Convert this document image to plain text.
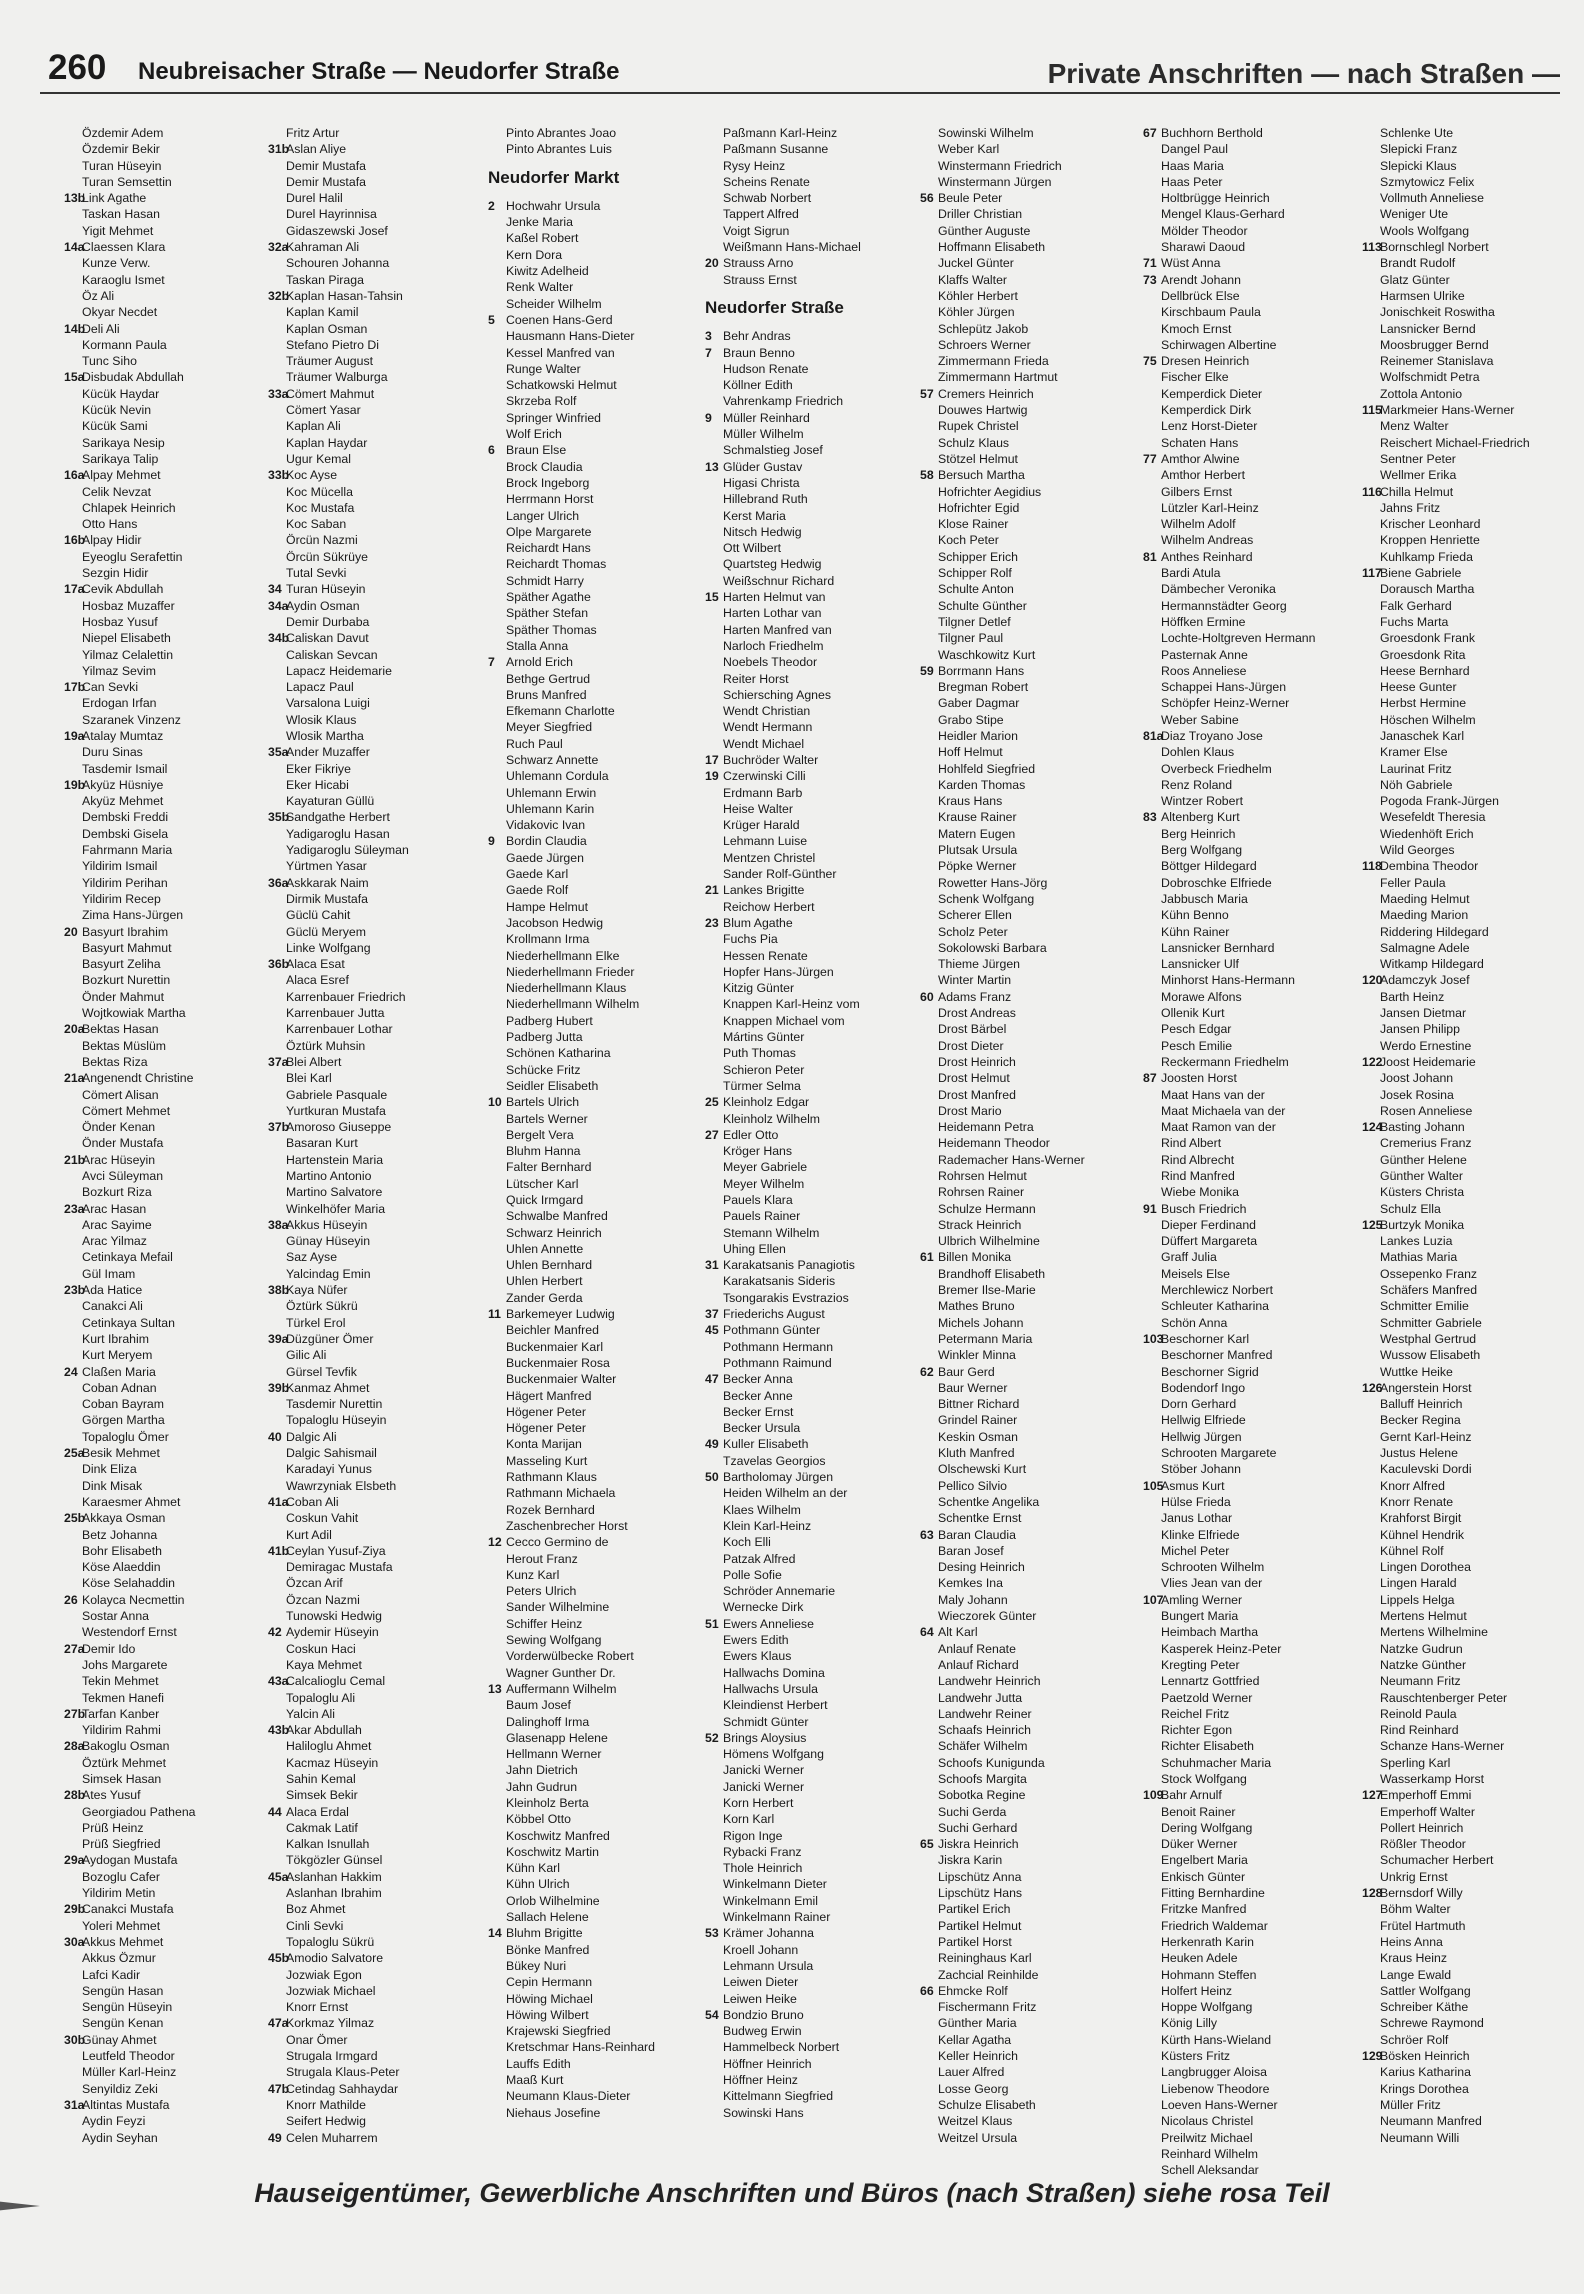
260 Neubreisacher Straße — Neudorfer Straße	Private Anschriften — nach Straßen —
Özdemir Adem
Özdemir Bekir
Turan Hüseyin
Turan Semsettin
13bLink Agathe
Taskan Hasan
Yigit Mehmet
14aClaessen Klara
Kunze Verw.
Karaoglu Ismet
Öz Ali
Okyar Necdet
14bDeli Ali
Kormann Paula
Tunc Siho
15aDisbudak Abdullah
Kücük Haydar
Kücük Nevin
Kücük Sami
Sarikaya Nesip
Sarikaya Talip
16aAlpay Mehmet
Celik Nevzat
Chlapek Heinrich
Otto Hans
16bAlpay Hidir
Eyeoglu Serafettin
Sezgin Hidir
17aCevik Abdullah
Hosbaz Muzaffer
Hosbaz Yusuf
Niepel Elisabeth
Yilmaz Celalettin
Yilmaz Sevim
17bCan Sevki
Erdogan Irfan
Szaranek Vinzenz
19aAtalay Mumtaz
Duru Sinas
Tasdemir Ismail
19bAkyüz Hüsniye
Akyüz Mehmet
Dembski Freddi
Dembski Gisela
Fahrmann Maria
Yildirim Ismail
Yildirim Perihan
Yildirim Recep
Zima Hans-Jürgen
20 Basyurt Ibrahim
Basyurt Mahmut
Basyurt Zeliha
Bozkurt Nurettin
Önder Mahmut
Wojtkowiak Martha
20aBektas Hasan
Bektas Müslüm
Bektas Riza
21aAngenendt Christine
Cömert Alisan
Cömert Mehmet
Önder Kenan
Önder Mustafa
21bArac Hüseyin
Avci Süleyman
Bozkurt Riza
23aArac Hasan
Arac Sayime
Arac Yilmaz
Cetinkaya Mefail
Gül Imam
23bAda Hatice
Canakci Ali
Cetinkaya Sultan
Kurt Ibrahim
Kurt Meryem
24 Claßen Maria
Coban Adnan
Coban Bayram
Görgen Martha
Topaloglu Ömer
25aBesik Mehmet
Dink Eliza
Dink Misak
Karaesmer Ahmet
25bAkkaya Osman
Betz Johanna
Bohr Elisabeth
Köse Alaeddin
Köse Selahaddin
26 Kolayca Necmettin
Sostar Anna
Westendorf Ernst
27aDemir Ido
Johs Margarete
Tekin Mehmet
Tekmen Hanefi
27bTarfan Kanber
Yildirim Rahmi
28aBakoglu Osman
Öztürk Mehmet
Simsek Hasan
28bAtes Yusuf
Georgiadou Pathena
Prüß Heinz
Prüß Siegfried
29aAydogan Mustafa
Bozoglu Cafer
Yildirim Metin
29bCanakci Mustafa
Yoleri Mehmet
30aAkkus Mehmet
Akkus Özmur
Lafci Kadir
Sengün Hasan
Sengün Hüseyin
Sengün Kenan
30bGünay Ahmet
Leutfeld Theodor
Müller Karl-Heinz
Senyildiz Zeki
31aAltintas Mustafa
Aydin Feyzi
Aydin Seyhan
Fritz Artur
31bAslan Aliye
Demir Mustafa
Demir Mustafa
Durel Halil
Durel Hayrinnisa
Gidaszewski Josef
32aKahraman Ali
Schouren Johanna
Taskan Piraga
32bKaplan Hasan-Tahsin
Kaplan Kamil
Kaplan Osman
Stefano Pietro Di
Träumer August
Träumer Walburga
33aCömert Mahmut
Cömert Yasar
Kaplan Ali
Kaplan Haydar
Ugur Kemal
33bKoc Ayse
Koc Mücella
Koc Mustafa
Koc Saban
Örcün Nazmi
Örcün Sükrüye
Tutal Sevki
34 Turan Hüseyin
34aAydin Osman
Demir Durbaba
34bCaliskan Davut
Caliskan Sevcan
Lapacz Heidemarie
Lapacz Paul
Varsalona Luigi
Wlosik Klaus
Wlosik Martha
35aAnder Muzaffer
Eker Fikriye
Eker Hicabi
Kayaturan Güllü
35bSandgathe Herbert
Yadigaroglu Hasan
Yadigaroglu Süleyman
Yürtmen Yasar
36aAskkarak Naim
Dirmik Mustafa
Güclü Cahit
Güclü Meryem
Linke Wolfgang
36bAlaca Esat
Alaca Esref
Karrenbauer Friedrich
Karrenbauer Jutta
Karrenbauer Lothar
Öztürk Muhsin
37aBlei Albert
Blei Karl
Gabriele Pasquale
Yurtkuran Mustafa
37bAmoroso Giuseppe
Basaran Kurt
Hartenstein Maria
Martino Antonio
Martino Salvatore
Winkelhöfer Maria
38aAkkus Hüseyin
Günay Hüseyin
Saz Ayse
Yalcindag Emin
38bKaya Nüfer
Öztürk Sükrü
Türkel Erol
39aDüzgüner Ömer
Gilic Ali
Gürsel Tevfik
39bKanmaz Ahmet
Tasdemir Nurettin
Topaloglu Hüseyin
40 Dalgic Ali
Dalgic Sahismail
Karadayi Yunus
Wawrzyniak Elsbeth
41aCoban Ali
Coskun Vahit
Kurt Adil
41bCeylan Yusuf-Ziya
Demiragac Mustafa
Özcan Arif
Özcan Nazmi
Tunowski Hedwig
42 Aydemir Hüseyin
Coskun Haci
Kaya Mehmet
43aCalcalioglu Cemal
Topaloglu Ali
Yalcin Ali
43bAkar Abdullah
Haliloglu Ahmet
Kacmaz Hüseyin
Sahin Kemal
Simsek Bekir
44 Alaca Erdal
Cakmak Latif
Kalkan Isnullah
Tökgözler Günsel
45aAslanhan Hakkim
Aslanhan Ibrahim
Boz Ahmet
Cinli Sevki
Topaloglu Sükrü
45bAmodio Salvatore
Jozwiak Egon
Jozwiak Michael
Knorr Ernst
47aKorkmaz Yilmaz
Onar Ömer
Strugala Irmgard
Strugala Klaus-Peter
47bCetindag Sahhaydar
Knorr Mathilde
Seifert Hedwig
49 Celen Muharrem
Pinto Abrantes Joao
Pinto Abrantes Luis
Neudorfer Markt
2 Hochwahr Ursula
Jenke Maria
Kaßel Robert
Kern Dora
Kiwitz Adelheid
Renk Walter
Scheider Wilhelm
5 Coenen Hans-Gerd
Hausmann Hans-Dieter
Kessel Manfred van
Runge Walter
Schatkowski Helmut
Skrzeba Rolf
Springer Winfried
Wolf Erich
6 Braun Else
Brock Claudia
Brock Ingeborg
Herrmann Horst
Langer Ulrich
Olpe Margarete
Reichardt Hans
Reichardt Thomas
Schmidt Harry
Späther Agathe
Späther Stefan
Späther Thomas
Stalla Anna
7 Arnold Erich
Bethge Gertrud
Bruns Manfred
Efkemann Charlotte
Meyer Siegfried
Ruch Paul
Schwarz Annette
Uhlemann Cordula
Uhlemann Erwin
Uhlemann Karin
Vidakovic Ivan
9 Bordin Claudia
Gaede Jürgen
Gaede Karl
Gaede Rolf
Hampe Helmut
Jacobson Hedwig
Krollmann Irma
Niederhellmann Elke
Niederhellmann Frieder
Niederhellmann Klaus
Niederhellmann Wilhelm
Padberg Hubert
Padberg Jutta
Schönen Katharina
Schücke Fritz
Seidler Elisabeth
10 Bartels Ulrich
Bartels Werner
Bergelt Vera
Bluhm Hanna
Falter Bernhard
Lütscher Karl
Quick Irmgard
Schwalbe Manfred
Schwarz Heinrich
Uhlen Annette
Uhlen Bernhard
Uhlen Herbert
Zander Gerda
11 Barkemeyer Ludwig
Beichler Manfred
Buckenmaier Karl
Buckenmaier Rosa
Buckenmaier Walter
Hägert Manfred
Högener Peter
Högener Peter
Konta Marijan
Masseling Kurt
Rathmann Klaus
Rathmann Michaela
Rozek Bernhard
Zaschenbrecher Horst
12 Cecco Germino de
Herout Franz
Kunz Karl
Peters Ulrich
Sander Wilhelmine
Schiffer Heinz
Sewing Wolfgang
Vorderwülbecke Robert
Wagner Gunther Dr.
13 Auffermann Wilhelm
Baum Josef
Dalinghoff Irma
Glasenapp Helene
Hellmann Werner
Jahn Dietrich
Jahn Gudrun
Kleinholz Berta
Köbbel Otto
Koschwitz Manfred
Koschwitz Martin
Kühn Karl
Kühn Ulrich
Orlob Wilhelmine
Sallach Helene
14 Bluhm Brigitte
Bönke Manfred
Bükey Nuri
Cepin Hermann
Höwing Michael
Höwing Wilbert
Krajewski Siegfried
Kretschmar Hans-Reinhard
Lauffs Edith
Maaß Kurt
Neumann Klaus-Dieter
Niehaus Josefine
Paßmann Karl-Heinz
Paßmann Susanne
Rysy Heinz
Scheins Renate
Schwab Norbert
Tappert Alfred
Voigt Sigrun
Weißmann Hans-Michael
20 Strauss Arno
Strauss Ernst
Neudorfer Straße
3 Behr Andras
7 Braun Benno
Hudson Renate
Köllner Edith
Vahrenkamp Friedrich
9 Müller Reinhard
Müller Wilhelm
Schmalstieg Josef
13 Glüder Gustav
Higasi Christa
Hillebrand Ruth
Kerst Maria
Nitsch Hedwig
Ott Wilbert
Quartsteg Hedwig
Weißschnur Richard
15 Harten Helmut van
Harten Lothar van
Harten Manfred van
Narloch Friedhelm
Noebels Theodor
Reiter Horst
Schiersching Agnes
Wendt Christian
Wendt Hermann
Wendt Michael
17 Buchröder Walter
19 Czerwinski Cilli
Erdmann Barb
Heise Walter
Krüger Harald
Lehmann Luise
Mentzen Christel
Sander Rolf-Günther
21 Lankes Brigitte
Reichow Herbert
23 Blum Agathe
Fuchs Pia
Hessen Renate
Hopfer Hans-Jürgen
Kitzig Günter
Knappen Karl-Heinz vom
Knappen Michael vom
Mártins Günter
Puth Thomas
Schieron Peter
Türmer Selma
25 Kleinholz Edgar
Kleinholz Wilhelm
27 Edler Otto
Kröger Hans
Meyer Gabriele
Meyer Wilhelm
Pauels Klara
Pauels Rainer
Stemann Wilhelm
Uhing Ellen
31 Karakatsanis Panagiotis
Karakatsanis Sideris
Tsongarakis Evstrazios
37 Friederichs August
45 Pothmann Günter
Pothmann Hermann
Pothmann Raimund
47 Becker Anna
Becker Anne
Becker Ernst
Becker Ursula
49 Kuller Elisabeth
Tzavelas Georgios
50 Bartholomay Jürgen
Heiden Wilhelm an der
Klaes Wilhelm
Klein Karl-Heinz
Koch Elli
Patzak Alfred
Polle Sofie
Schröder Annemarie
Wernecke Dirk
51 Ewers Anneliese
Ewers Edith
Ewers Klaus
Hallwachs Domina
Hallwachs Ursula
Kleindienst Herbert
Schmidt Günter
52 Brings Aloysius
Hömens Wolfgang
Janicki Werner
Janicki Werner
Korn Herbert
Korn Karl
Rigon Inge
Rybacki Franz
Thole Heinrich
Winkelmann Dieter
Winkelmann Emil
Winkelmann Rainer
53 Krämer Johanna
Kroell Johann
Lehmann Ursula
Leiwen Dieter
Leiwen Heike
54 Bondzio Bruno
Budweg Erwin
Hammelbeck Norbert
Höffner Heinrich
Höffner Heinz
Kittelmann Siegfried
Sowinski Hans
Sowinski Wilhelm
Weber Karl
Winstermann Friedrich
Winstermann Jürgen
56 Beule Peter
Driller Christian
Günther Auguste
Hoffmann Elisabeth
Juckel Günter
Klaffs Walter
Köhler Herbert
Köhler Jürgen
Schlepütz Jakob
Schroers Werner
Zimmermann Frieda
Zimmermann Hartmut
57 Cremers Heinrich
Douwes Hartwig
Rupek Christel
Schulz Klaus
Stötzel Helmut
58 Bersuch Martha
Hofrichter Aegidius
Hofrichter Egid
Klose Rainer
Koch Peter
Schipper Erich
Schipper Rolf
Schulte Anton
Schulte Günther
Tilgner Detlef
Tilgner Paul
Waschkowitz Kurt
59 Borrmann Hans
Bregman Robert
Gaber Dagmar
Grabo Stipe
Heidler Marion
Hoff Helmut
Hohlfeld Siegfried
Karden Thomas
Kraus Hans
Krause Rainer
Matern Eugen
Plutsak Ursula
Pöpke Werner
Rowetter Hans-Jörg
Schenk Wolfgang
Scherer Ellen
Scholz Peter
Sokolowski Barbara
Thieme Jürgen
Winter Martin
60 Adams Franz
Drost Andreas
Drost Bärbel
Drost Dieter
Drost Heinrich
Drost Helmut
Drost Manfred
Drost Mario
Heidemann Petra
Heidemann Theodor
Rademacher Hans-Werner
Rohrsen Helmut
Rohrsen Rainer
Schulze Hermann
Strack Heinrich
Ulbrich Wilhelmine
61 Billen Monika
Brandhoff Elisabeth
Bremer Ilse-Marie
Mathes Bruno
Michels Johann
Petermann Maria
Winkler Minna
62 Baur Gerd
Baur Werner
Bittner Richard
Grindel Rainer
Keskin Osman
Kluth Manfred
Olschewski Kurt
Pellico Silvio
Schentke Angelika
Schentke Ernst
63 Baran Claudia
Baran Josef
Desing Heinrich
Kemkes Ina
Maly Johann
Wieczorek Günter
64 Alt Karl
Anlauf Renate
Anlauf Richard
Landwehr Heinrich
Landwehr Jutta
Landwehr Reiner
Schaafs Heinrich
Schäfer Wilhelm
Schoofs Kunigunda
Schoofs Margita
Sobotka Regine
Suchi Gerda
Suchi Gerhard
65 Jiskra Heinrich
Jiskra Karin
Lipschütz Anna
Lipschütz Hans
Partikel Erich
Partikel Helmut
Partikel Horst
Reininghaus Karl
Zachcial Reinhilde
66 Ehmcke Rolf
Fischermann Fritz
Günther Maria
Kellar Agatha
Keller Heinrich
Lauer Alfred
Losse Georg
Schulze Elisabeth
Weitzel Klaus
Weitzel Ursula
67 Buchhorn Berthold
Dangel Paul
Haas Maria
Haas Peter
Holtbrügge Heinrich
Mengel Klaus-Gerhard
Mölder Theodor
Sharawi Daoud
71 Wüst Anna
73 Arendt Johann
Dellbrück Else
Kirschbaum Paula
Kmoch Ernst
Schirwagen Albertine
75 Dresen Heinrich
Fischer Elke
Kemperdick Dieter
Kemperdick Dirk
Lenz Horst-Dieter
Schaten Hans
77 Amthor Alwine
Amthor Herbert
Gilbers Ernst
Lützler Karl-Heinz
Wilhelm Adolf
Wilhelm Andreas
81 Anthes Reinhard
Bardi Atula
Dämbecher Veronika
Hermannstädter Georg
Höffken Ermine
Lochte-Holtgreven Hermann
Pasternak Anne
Roos Anneliese
Schappei Hans-Jürgen
Schöpfer Heinz-Werner
Weber Sabine
81aDiaz Troyano Jose
Dohlen Klaus
Overbeck Friedhelm
Renz Roland
Wintzer Robert
83 Altenberg Kurt
Berg Heinrich
Berg Wolfgang
Böttger Hildegard
Dobroschke Elfriede
Jabbusch Maria
Kühn Benno
Kühn Rainer
Lansnicker Bernhard
Lansnicker Ulf
Minhorst Hans-Hermann
Morawe Alfons
Ollenik Kurt
Pesch Edgar
Pesch Emilie
Reckermann Friedhelm
87 Joosten Horst
Maat Hans van der
Maat Michaela van der
Maat Ramon van der
Rind Albert
Rind Albrecht
Rind Manfred
Wiebe Monika
91 Busch Friedrich
Dieper Ferdinand
Düffert Margareta
Graff Julia
Meisels Else
Merchlewicz Norbert
Schleuter Katharina
Schön Anna
103Beschorner Karl
Beschorner Manfred
Beschorner Sigrid
Bodendorf Ingo
Dorn Gerhard
Hellwig Elfriede
Hellwig Jürgen
Schrooten Margarete
Stöber Johann
105Asmus Kurt
Hülse Frieda
Janus Lothar
Klinke Elfriede
Michel Peter
Schrooten Wilhelm
Vlies Jean van der
107Amling Werner
Bungert Maria
Heimbach Martha
Kasperek Heinz-Peter
Kregting Peter
Lennartz Gottfried
Paetzold Werner
Reichel Fritz
Richter Egon
Richter Elisabeth
Schuhmacher Maria
Stock Wolfgang
109Bahr Arnulf
Benoit Rainer
Dering Wolfgang
Düker Werner
Engelbert Maria
Enkisch Günter
Fitting Bernhardine
Fritzke Manfred
Friedrich Waldemar
Herkenrath Karin
Heuken Adele
Hohmann Steffen
Holfert Heinz
Hoppe Wolfgang
König Lilly
Kürth Hans-Wieland
Küsters Fritz
Langbrugger Aloisa
Liebenow Theodore
Loeven Hans-Werner
Nicolaus Christel
Preilwitz Michael
Reinhard Wilhelm
Schell Aleksandar
Schlenke Ute
Slepicki Franz
Slepicki Klaus
Szmytowicz Felix
Vollmuth Anneliese
Weniger Ute
Wools Wolfgang
113Bornschlegl Norbert
Brandt Rudolf
Glatz Günter
Harmsen Ulrike
Jonischkeit Roswitha
Lansnicker Bernd
Moosbrugger Bernd
Reinemer Stanislava
Wolfschmidt Petra
Zottola Antonio
115Markmeier Hans-Werner
Menz Walter
Reischert Michael-Friedrich
Sentner Peter
Wellmer Erika
116Chilla Helmut
Jahns Fritz
Krischer Leonhard
Kroppen Henriette
Kuhlkamp Frieda
117Biene Gabriele
Dorausch Martha
Falk Gerhard
Fuchs Marta
Groesdonk Frank
Groesdonk Rita
Heese Bernhard
Heese Gunter
Herbst Hermine
Höschen Wilhelm
Janaschek Karl
Kramer Else
Laurinat Fritz
Nöh Gabriele
Pogoda Frank-Jürgen
Wesefeldt Theresia
Wiedenhöft Erich
Wild Georges
118Dembina Theodor
Feller Paula
Maeding Helmut
Maeding Marion
Riddering Hildegard
Salmagne Adele
Witkamp Hildegard
120Adamczyk Josef
Barth Heinz
Jansen Dietmar
Jansen Philipp
Werdo Ernestine
122Joost Heidemarie
Joost Johann
Josek Rosina
Rosen Anneliese
124Basting Johann
Cremerius Franz
Günther Helene
Günther Walter
Küsters Christa
Schulz Ella
125Burtzyk Monika
Lankes Luzia
Mathias Maria
Ossepenko Franz
Schäfers Manfred
Schmitter Emilie
Schmitter Gabriele
Westphal Gertrud
Wussow Elisabeth
Wuttke Heike
126Angerstein Horst
Balluff Heinrich
Becker Regina
Gernt Karl-Heinz
Justus Helene
Kaculevski Dordi
Knorr Alfred
Knorr Renate
Krahforst Birgit
Kühnel Hendrik
Kühnel Rolf
Lingen Dorothea
Lingen Harald
Lippels Helga
Mertens Helmut
Mertens Wilhelmine
Natzke Gudrun
Natzke Günther
Neumann Fritz
Rauschtenberger Peter
Reinold Paula
Rind Reinhard
Schanze Hans-Werner
Sperling Karl
Wasserkamp Horst
127Emperhoff Emmi
Emperhoff Walter
Pollert Heinrich
Rößler Theodor
Schumacher Herbert
Unkrig Ernst
128Bernsdorf Willy
Böhm Walter
Frütel Hartmuth
Heins Anna
Kraus Heinz
Lange Ewald
Sattler Wolfgang
Schreiber Käthe
Schrewe Raymond
Schröer Rolf
129Bösken Heinrich
Karius Katharina
Krings Dorothea
Müller Fritz
Neumann Manfred
Neumann Willi
Hauseigentümer, Gewerbliche Anschriften und Büros (nach Straßen) siehe rosa Teil
